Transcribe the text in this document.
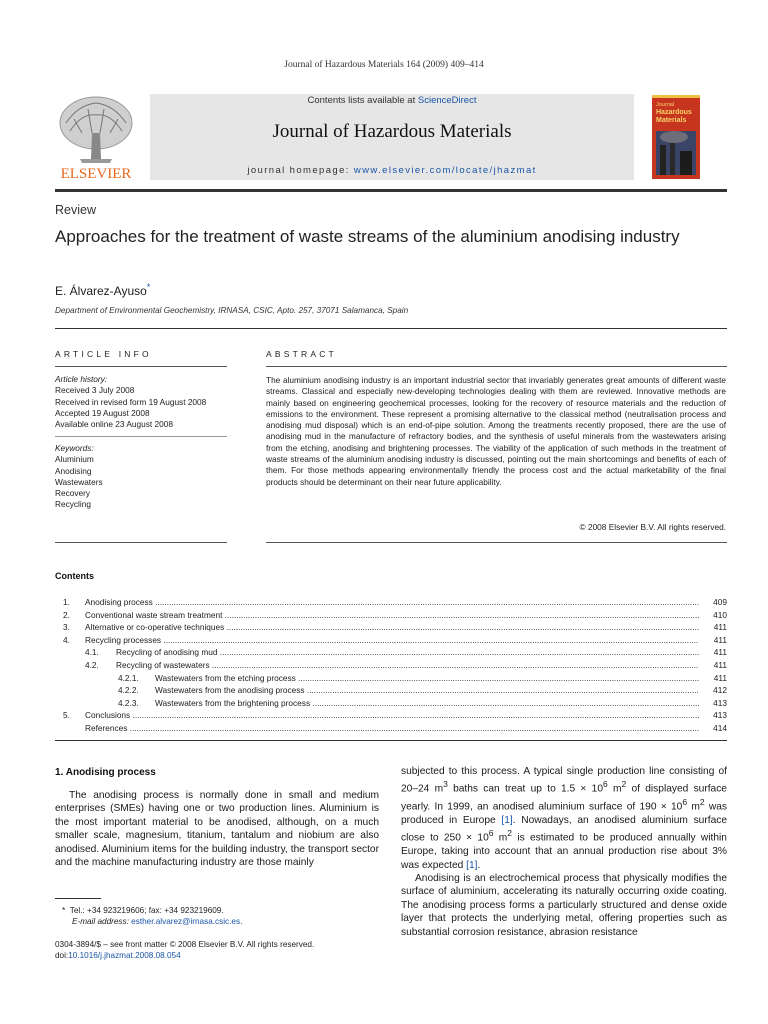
Journal of Hazardous Materials 164 (2009) 409–414
ELSEVIER
Contents lists available at ScienceDirect
Journal of Hazardous Materials
journal homepage: www.elsevier.com/locate/jhazmat
Journal
Hazardous
Materials
Review
Approaches for the treatment of waste streams of the aluminium anodising industry
E. Álvarez-Ayuso*
Department of Environmental Geochemistry, IRNASA, CSIC, Apto. 257, 37071 Salamanca, Spain
ARTICLE INFO
Article history:
Received 3 July 2008
Received in revised form 19 August 2008
Accepted 19 August 2008
Available online 23 August 2008
Keywords:
Aluminium
Anodising
Wastewaters
Recovery
Recycling
ABSTRACT
The aluminium anodising industry is an important industrial sector that invariably generates great amounts of different waste streams. Classical and especially new-developing technologies dealing with them are reviewed. Innovative methods are mainly based on engineering geochemical processes, looking for the recovery of resource materials and the reduction of emissions to the environment. These represent a promising alternative to the classical method (neutralisation process and anodising mud disposal) which is an end-of-pipe solution. Among the treatments recently proposed, there are the use of anodising mud in the manufacture of refractory bodies, and the synthesis of useful minerals from the wastewaters arising from the etching, anodising and brightening processes. The viability of the application of such methods in the treatment of waste streams of the aluminium anodising industry is discussed, pointing out the main shortcomings and benefits of each of them. For those methods appearing environmentally friendly the process cost and the actual marketability of the final products should be determinant on their near future applicability.
© 2008 Elsevier B.V. All rights reserved.
Contents
1. Anodising process .....	409
2. Conventional waste stream treatment .....	410
3. Alternative or co-operative techniques .....	411
4. Recycling processes .....	411
4.1. Recycling of anodising mud .....	411
4.2. Recycling of wastewaters .....	411
4.2.1. Wastewaters from the etching process .....	411
4.2.2. Wastewaters from the anodising process .....	412
4.2.3. Wastewaters from the brightening process .....	413
5. Conclusions .....	413
References .....	414
1. Anodising process

The anodising process is normally done in small and medium enterprises (SMEs) having one or two production lines. Aluminium is the most important material to be anodised, although, on a much smaller scale, magnesium, titanium, tantalum and niobium are also anodised. Aluminium items for the building industry, the transport sector and the machine manufacturing industry are those mainly

subjected to this process. A typical single production line consisting of 20–24 $m^3$ baths can treat up to $1.5 \times 10^6$ $m^2$ of displayed surface yearly. In 1999, an anodised aluminium surface of $190 \times 10^6$ $m^2$ was produced in Europe [1]. Nowadays, an anodised aluminium surface close to $250 \times 10^6$ $m^2$ is estimated to be produced annually within Europe, taking into account that an annual production rise about 3% was expected [1].

Anodising is an electrochemical process that physically modifies the surface of aluminium, accelerating its naturally occurring oxide coating. The anodising process forms a particularly structured and dense oxide layer that protects the underlying metal, offering properties such as substantial corrosion resistance, abrasion resistance

* Tel.: +34 923219606; fax: +34 923219609.
E-mail address: esther.alvarez@irnasa.csic.es.
0304-3894/$ – see front matter © 2008 Elsevier B.V. All rights reserved.
doi:10.1016/j.jhazmat.2008.08.054
